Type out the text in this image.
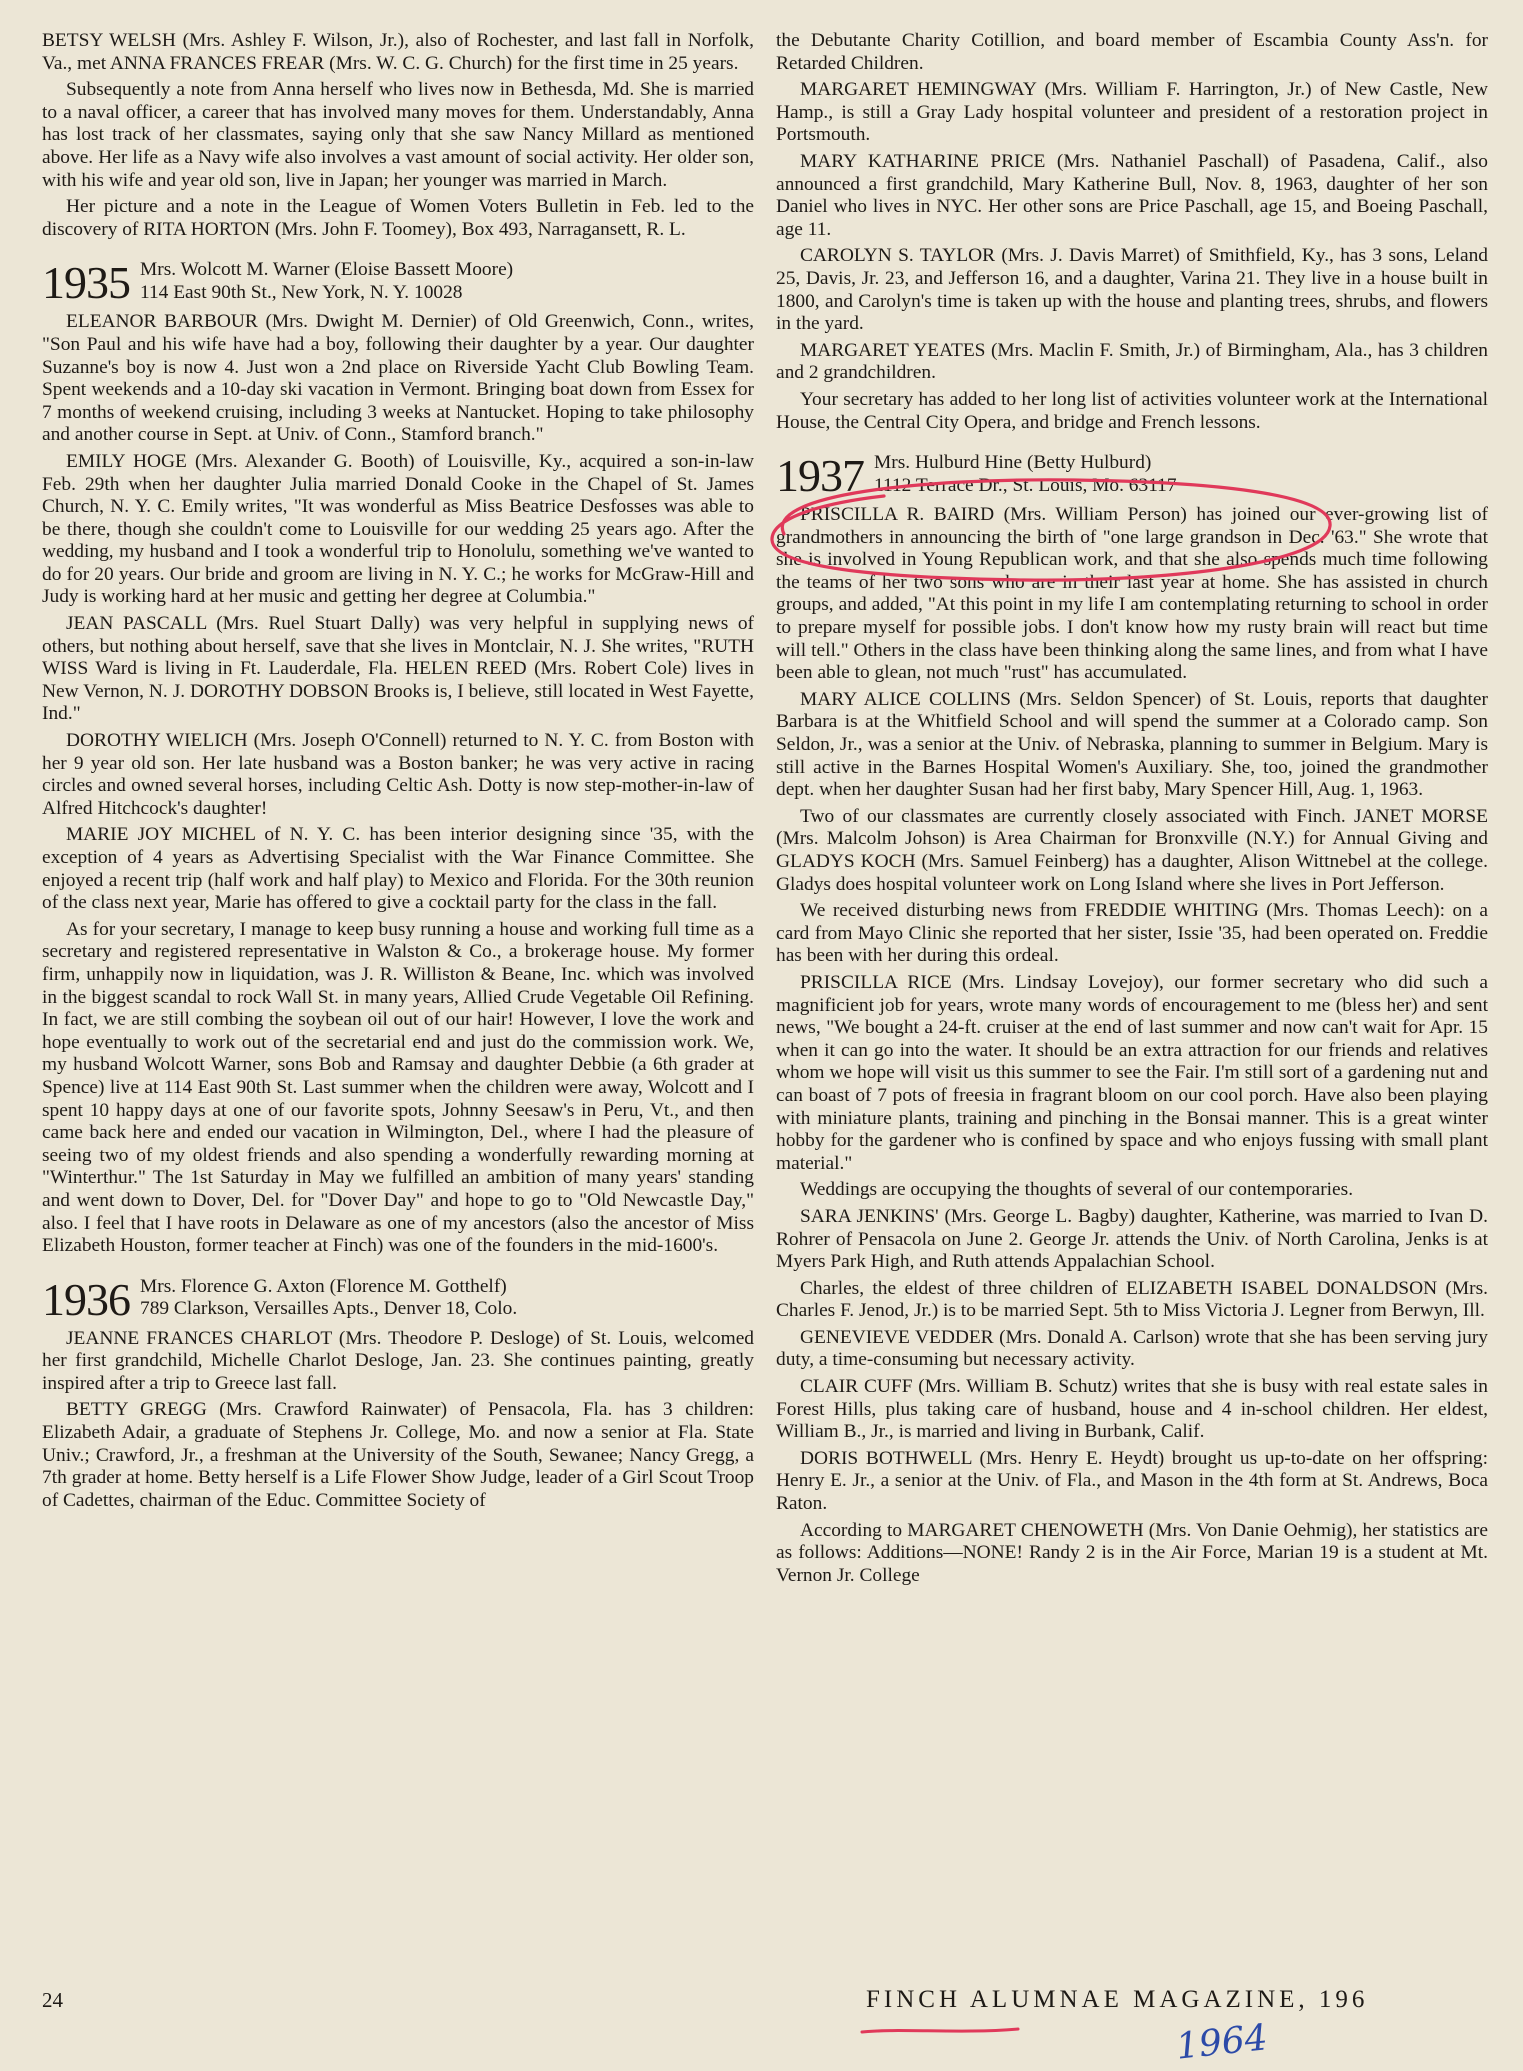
BETSY WELSH (Mrs. Ashley F. Wilson, Jr.), also of Rochester, and last fall in Norfolk, Va., met ANNA FRANCES FREAR (Mrs. W. C. G. Church) for the first time in 25 years.

Subsequently a note from Anna herself who lives now in Bethesda, Md. She is married to a naval officer, a career that has involved many moves for them. Understandably, Anna has lost track of her classmates, saying only that she saw Nancy Millard as mentioned above. Her life as a Navy wife also involves a vast amount of social activity. Her older son, with his wife and year old son, live in Japan; her younger was married in March.

Her picture and a note in the League of Women Voters Bulletin in Feb. led to the discovery of RITA HORTON (Mrs. John F. Toomey), Box 493, Narragansett, R. L.

1935 Mrs. Wolcott M. Warner (Eloise Bassett Moore)
114 East 90th St., New York, N. Y. 10028

ELEANOR BARBOUR (Mrs. Dwight M. Dernier) of Old Greenwich, Conn., writes, "Son Paul and his wife have had a boy, following their daughter by a year. Our daughter Suzanne's boy is now 4. Just won a 2nd place on Riverside Yacht Club Bowling Team. Spent weekends and a 10-day ski vacation in Vermont. Bringing boat down from Essex for 7 months of weekend cruising, including 3 weeks at Nantucket. Hoping to take philosophy and another course in Sept. at Univ. of Conn., Stamford branch."

EMILY HOGE (Mrs. Alexander G. Booth) of Louisville, Ky., acquired a son-in-law Feb. 29th when her daughter Julia married Donald Cooke in the Chapel of St. James Church, N. Y. C. Emily writes, "It was wonderful as Miss Beatrice Desfosses was able to be there, though she couldn't come to Louisville for our wedding 25 years ago. After the wedding, my husband and I took a wonderful trip to Honolulu, something we've wanted to do for 20 years. Our bride and groom are living in N. Y. C.; he works for McGraw-Hill and Judy is working hard at her music and getting her degree at Columbia."

JEAN PASCALL (Mrs. Ruel Stuart Dally) was very helpful in supplying news of others, but nothing about herself, save that she lives in Montclair, N. J. She writes, "RUTH WISS Ward is living in Ft. Lauderdale, Fla. HELEN REED (Mrs. Robert Cole) lives in New Vernon, N. J. DOROTHY DOBSON Brooks is, I believe, still located in West Fayette, Ind."

DOROTHY WIELICH (Mrs. Joseph O'Connell) returned to N. Y. C. from Boston with her 9 year old son. Her late husband was a Boston banker; he was very active in racing circles and owned several horses, including Celtic Ash. Dotty is now step-mother-in-law of Alfred Hitchcock's daughter!

MARIE JOY MICHEL of N. Y. C. has been interior designing since '35, with the exception of 4 years as Advertising Specialist with the War Finance Committee. She enjoyed a recent trip (half work and half play) to Mexico and Florida. For the 30th reunion of the class next year, Marie has offered to give a cocktail party for the class in the fall.

As for your secretary, I manage to keep busy running a house and working full time as a secretary and registered representative in Walston & Co., a brokerage house. My former firm, unhappily now in liquidation, was J. R. Williston & Beane, Inc. which was involved in the biggest scandal to rock Wall St. in many years, Allied Crude Vegetable Oil Refining. In fact, we are still combing the soybean oil out of our hair! However, I love the work and hope eventually to work out of the secretarial end and just do the commission work. We, my husband Wolcott Warner, sons Bob and Ramsay and daughter Debbie (a 6th grader at Spence) live at 114 East 90th St. Last summer when the children were away, Wolcott and I spent 10 happy days at one of our favorite spots, Johnny Seesaw's in Peru, Vt., and then came back here and ended our vacation in Wilmington, Del., where I had the pleasure of seeing two of my oldest friends and also spending a wonderfully rewarding morning at "Winterthur." The 1st Saturday in May we fulfilled an ambition of many years' standing and went down to Dover, Del. for "Dover Day" and hope to go to "Old Newcastle Day," also. I feel that I have roots in Delaware as one of my ancestors (also the ancestor of Miss Elizabeth Houston, former teacher at Finch) was one of the founders in the mid-1600's.

1936 Mrs. Florence G. Axton (Florence M. Gotthelf)
789 Clarkson, Versailles Apts., Denver 18, Colo.

JEANNE FRANCES CHARLOT (Mrs. Theodore P. Desloge) of St. Louis, welcomed her first grandchild, Michelle Charlot Desloge, Jan. 23. She continues painting, greatly inspired after a trip to Greece last fall.

BETTY GREGG (Mrs. Crawford Rainwater) of Pensacola, Fla. has 3 children: Elizabeth Adair, a graduate of Stephens Jr. College, Mo. and now a senior at Fla. State Univ.; Crawford, Jr., a freshman at the University of the South, Sewanee; Nancy Gregg, a 7th grader at home. Betty herself is a Life Flower Show Judge, leader of a Girl Scout Troop of Cadettes, chairman of the Educ. Committee Society of

the Debutante Charity Cotillion, and board member of Escambia County Ass'n. for Retarded Children.

MARGARET HEMINGWAY (Mrs. William F. Harrington, Jr.) of New Castle, New Hamp., is still a Gray Lady hospital volunteer and president of a restoration project in Portsmouth.

MARY KATHARINE PRICE (Mrs. Nathaniel Paschall) of Pasadena, Calif., also announced a first grandchild, Mary Katherine Bull, Nov. 8, 1963, daughter of her son Daniel who lives in NYC. Her other sons are Price Paschall, age 15, and Boeing Paschall, age 11.

CAROLYN S. TAYLOR (Mrs. J. Davis Marret) of Smithfield, Ky., has 3 sons, Leland 25, Davis, Jr. 23, and Jefferson 16, and a daughter, Varina 21. They live in a house built in 1800, and Carolyn's time is taken up with the house and planting trees, shrubs, and flowers in the yard.

MARGARET YEATES (Mrs. Maclin F. Smith, Jr.) of Birmingham, Ala., has 3 children and 2 grandchildren.

Your secretary has added to her long list of activities volunteer work at the International House, the Central City Opera, and bridge and French lessons.

1937 Mrs. Hulburd Hine (Betty Hulburd)
1112 Terrace Dr., St. Louis, Mo. 63117

PRISCILLA R. BAIRD (Mrs. William Person) has joined our ever-growing list of grandmothers in announcing the birth of "one large grandson in Dec. '63." She wrote that she is involved in Young Republican work, and that she also spends much time following the teams of her two sons who are in their last year at home. She has assisted in church groups, and added, "At this point in my life I am contemplating returning to school in order to prepare myself for possible jobs. I don't know how my rusty brain will react but time will tell." Others in the class have been thinking along the same lines, and from what I have been able to glean, not much "rust" has accumulated.

MARY ALICE COLLINS (Mrs. Seldon Spencer) of St. Louis, reports that daughter Barbara is at the Whitfield School and will spend the summer at a Colorado camp. Son Seldon, Jr., was a senior at the Univ. of Nebraska, planning to summer in Belgium. Mary is still active in the Barnes Hospital Women's Auxiliary. She, too, joined the grandmother dept. when her daughter Susan had her first baby, Mary Spencer Hill, Aug. 1, 1963.

Two of our classmates are currently closely associated with Finch. JANET MORSE (Mrs. Malcolm Johson) is Area Chairman for Bronxville (N.Y.) for Annual Giving and GLADYS KOCH (Mrs. Samuel Feinberg) has a daughter, Alison Wittnebel at the college. Gladys does hospital volunteer work on Long Island where she lives in Port Jefferson.

We received disturbing news from FREDDIE WHITING (Mrs. Thomas Leech): on a card from Mayo Clinic she reported that her sister, Issie '35, had been operated on. Freddie has been with her during this ordeal.

PRISCILLA RICE (Mrs. Lindsay Lovejoy), our former secretary who did such a magnificient job for years, wrote many words of encouragement to me (bless her) and sent news, "We bought a 24-ft. cruiser at the end of last summer and now can't wait for Apr. 15 when it can go into the water. It should be an extra attraction for our friends and relatives whom we hope will visit us this summer to see the Fair. I'm still sort of a gardening nut and can boast of 7 pots of freesia in fragrant bloom on our cool porch. Have also been playing with miniature plants, training and pinching in the Bonsai manner. This is a great winter hobby for the gardener who is confined by space and who enjoys fussing with small plant material."

Weddings are occupying the thoughts of several of our contemporaries.

SARA JENKINS' (Mrs. George L. Bagby) daughter, Katherine, was married to Ivan D. Rohrer of Pensacola on June 2. George Jr. attends the Univ. of North Carolina, Jenks is at Myers Park High, and Ruth attends Appalachian School.

Charles, the eldest of three children of ELIZABETH ISABEL DONALDSON (Mrs. Charles F. Jenod, Jr.) is to be married Sept. 5th to Miss Victoria J. Legner from Berwyn, Ill.

GENEVIEVE VEDDER (Mrs. Donald A. Carlson) wrote that she has been serving jury duty, a time-consuming but necessary activity.

CLAIR CUFF (Mrs. William B. Schutz) writes that she is busy with real estate sales in Forest Hills, plus taking care of husband, house and 4 in-school children. Her eldest, William B., Jr., is married and living in Burbank, Calif.

DORIS BOTHWELL (Mrs. Henry E. Heydt) brought us up-to-date on her offspring: Henry E. Jr., a senior at the Univ. of Fla., and Mason in the 4th form at St. Andrews, Boca Raton.

According to MARGARET CHENOWETH (Mrs. Von Danie Oehmig), her statistics are as follows: Additions—NONE! Randy 2 is in the Air Force, Marian 19 is a student at Mt. Vernon Jr. College

24	FINCH ALUMNAE MAGAZINE, 196
1964
